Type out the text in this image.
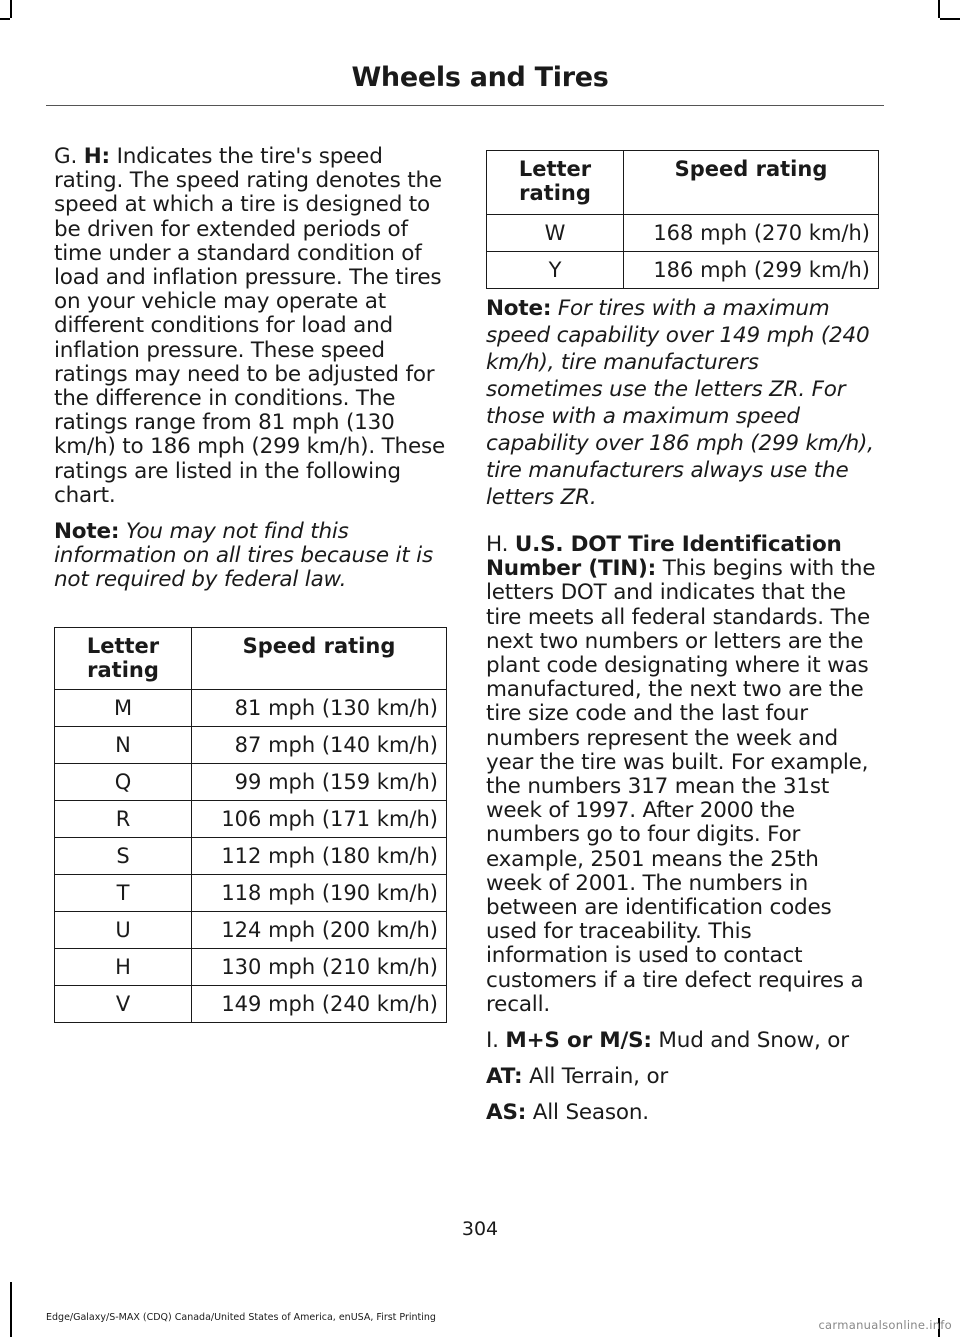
Wheels and Tires

G. H: Indicates the tire's speed rating. The speed rating denotes the speed at which a tire is designed to be driven for extended periods of time under a standard condition of load and inflation pressure. The tires on your vehicle may operate at different conditions for load and inflation pressure. These speed ratings may need to be adjusted for the difference in conditions. The ratings range from 81 mph (130 km/h) to 186 mph (299 km/h). These ratings are listed in the following chart.

Note: You may not find this information on all tires because it is not required by federal law.

Letter rating	Speed rating
M	81 mph (130 km/h)
N	87 mph (140 km/h)
Q	99 mph (159 km/h)
R	106 mph (171 km/h)
S	112 mph (180 km/h)
T	118 mph (190 km/h)
U	124 mph (200 km/h)
H	130 mph (210 km/h)
V	149 mph (240 km/h)
Letter rating	Speed rating
W	168 mph (270 km/h)
Y	186 mph (299 km/h)

Note: For tires with a maximum speed capability over 149 mph (240 km/h), tire manufacturers sometimes use the letters ZR. For those with a maximum speed capability over 186 mph (299 km/h), tire manufacturers always use the letters ZR.

H. U.S. DOT Tire Identification Number (TIN): This begins with the letters DOT and indicates that the tire meets all federal standards. The next two numbers or letters are the plant code designating where it was manufactured, the next two are the tire size code and the last four numbers represent the week and year the tire was built. For example, the numbers 317 mean the 31st week of 1997. After 2000 the numbers go to four digits. For example, 2501 means the 25th week of 2001. The numbers in between are identification codes used for traceability. This information is used to contact customers if a tire defect requires a recall.

I. M+S or M/S: Mud and Snow, or

AT: All Terrain, or

AS: All Season.

304
Edge/Galaxy/S-MAX (CDQ) Canada/United States of America, enUSA, First Printing
carmanualsonline.info
